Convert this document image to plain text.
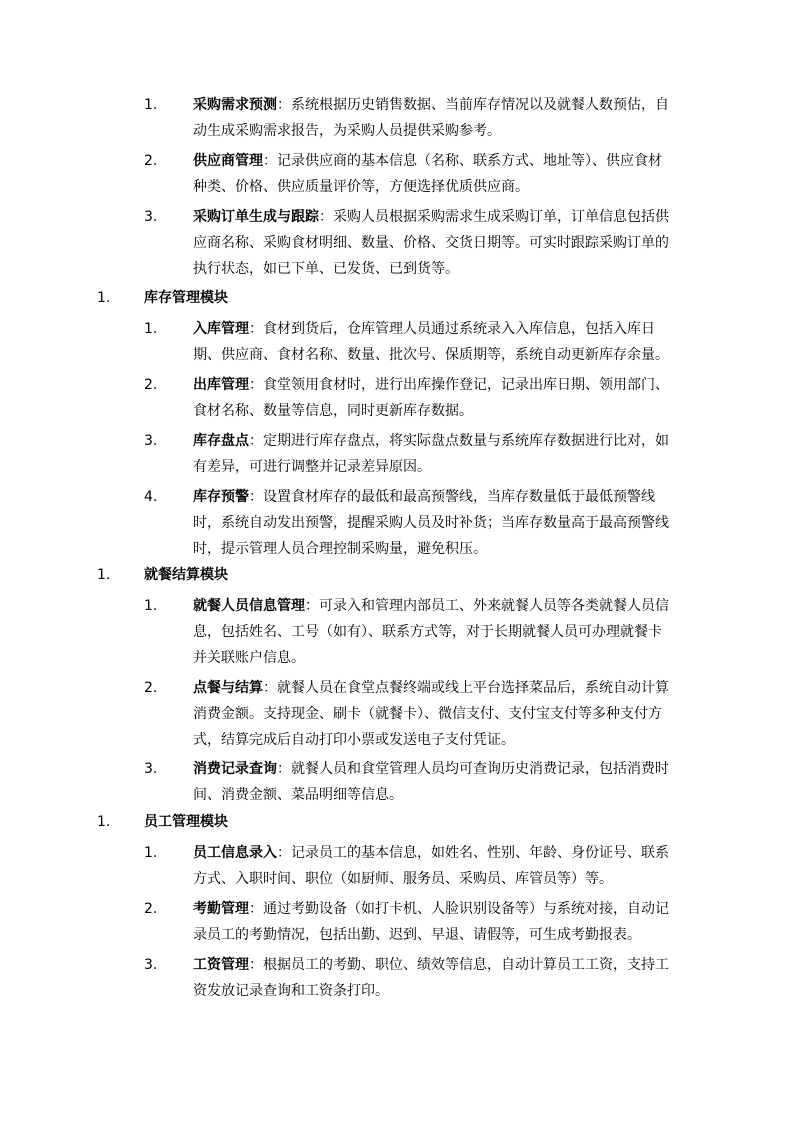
1.	采购需求预测：系统根据历史销售数据、当前库存情况以及就餐人数预估，自
动生成采购需求报告，为采购人员提供采购参考。
2.	供应商管理：记录供应商的基本信息（名称、联系方式、地址等）、供应食材
种类、价格、供应质量评价等，方便选择优质供应商。
3.	采购订单生成与跟踪：采购人员根据采购需求生成采购订单，订单信息包括供
应商名称、采购食材明细、数量、价格、交货日期等。可实时跟踪采购订单的
执行状态，如已下单、已发货、已到货等。
1. 库存管理模块
1.	入库管理：食材到货后，仓库管理人员通过系统录入入库信息，包括入库日
期、供应商、食材名称、数量、批次号、保质期等，系统自动更新库存余量。
2.	出库管理：食堂领用食材时，进行出库操作登记，记录出库日期、领用部门、
食材名称、数量等信息，同时更新库存数据。
3.	库存盘点：定期进行库存盘点，将实际盘点数量与系统库存数据进行比对，如
有差异，可进行调整并记录差异原因。
4.	库存预警：设置食材库存的最低和最高预警线，当库存数量低于最低预警线
时，系统自动发出预警，提醒采购人员及时补货；当库存数量高于最高预警线
时，提示管理人员合理控制采购量，避免积压。
1. 就餐结算模块
1.	就餐人员信息管理：可录入和管理内部员工、外来就餐人员等各类就餐人员信
息，包括姓名、工号（如有）、联系方式等，对于长期就餐人员可办理就餐卡
并关联账户信息。
2.	点餐与结算：就餐人员在食堂点餐终端或线上平台选择菜品后，系统自动计算
消费金额。支持现金、刷卡（就餐卡）、微信支付、支付宝支付等多种支付方
式，结算完成后自动打印小票或发送电子支付凭证。
3.	消费记录查询：就餐人员和食堂管理人员均可查询历史消费记录，包括消费时
间、消费金额、菜品明细等信息。
1. 员工管理模块
1.	员工信息录入：记录员工的基本信息，如姓名、性别、年龄、身份证号、联系
方式、入职时间、职位（如厨师、服务员、采购员、库管员等）等。
2.	考勤管理：通过考勤设备（如打卡机、人脸识别设备等）与系统对接，自动记
录员工的考勤情况，包括出勤、迟到、早退、请假等，可生成考勤报表。
3.	工资管理：根据员工的考勤、职位、绩效等信息，自动计算员工工资，支持工
资发放记录查询和工资条打印。
